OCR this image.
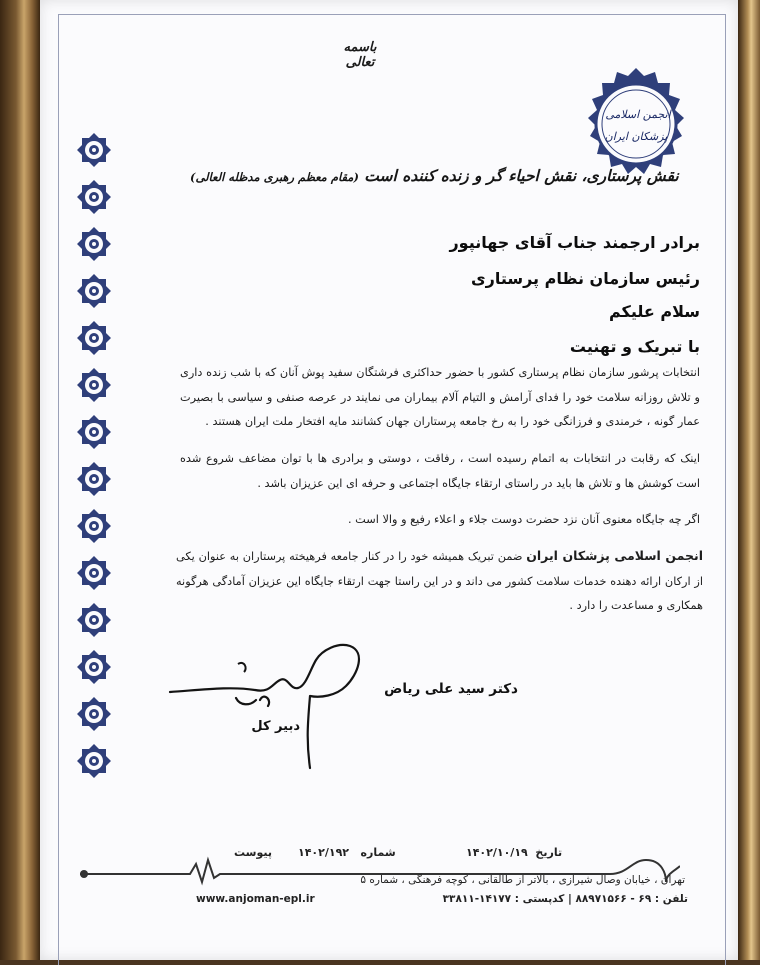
باسمه تعالی
انجمن اسلامی
پزشکان ایران
نقش پرستاری، نقش احیاء گر و زنده کننده است (مقام معظم رهبری مدظله العالی)
برادر ارجمند جناب آقای جهانپور
رئیس سازمان نظام پرستاری
سلام علیکم
با تبریک و تهنیت
انتخابات پرشور سازمان نظام پرستاری کشور با حضور حداکثری فرشتگان سفید پوش آنان که با شب زنده داری و تلاش روزانه سلامت خود را فدای آرامش و التیام آلام بیماران می نمایند در عرصه صنفی و سیاسی با بصیرت عمار گونه ، خرمندی و فرزانگی خود را به رخ جامعه پرستاران جهان کشانند مایه افتخار ملت ایران هستند .
اینک که رقابت در انتخابات به اتمام رسیده است ، رفاقت ، دوستی و برادری ها با توان مضاعف شروع شده است کوشش ها و تلاش ها باید در راستای ارتقاء جایگاه اجتماعی و حرفه ای این عزیزان باشد .
اگر چه جایگاه معنوی آنان نزد حضرت دوست جلاء و اعلاء رفیع و والا است .
انجمن اسلامی پزشکان ایران ضمن تبریک همیشه خود را در کنار جامعه فرهیخته پرستاران به عنوان یکی از ارکان ارائه دهنده خدمات سلامت کشور می داند و در این راستا جهت ارتقاء جایگاه این عزیزان آمادگی هرگونه همکاری و مساعدت را دارد .
دکتر سید علی ریاض
دبیر کل
تاریخ  ۱۴۰۲/۱۰/۱۹
شماره   ۱۴۰۲/۱۹۲
پیوست
تهران ، خیابان وصال شیرازی ، بالاتر از طالقانی ، کوچه فرهنگی ، شماره ۵
تلفن : ۶۹ - ۸۸۹۷۱۵۶۶ | کدپستی : ۱۴۱۷۷-۳۳۸۱۱
www.anjoman-epl.ir
